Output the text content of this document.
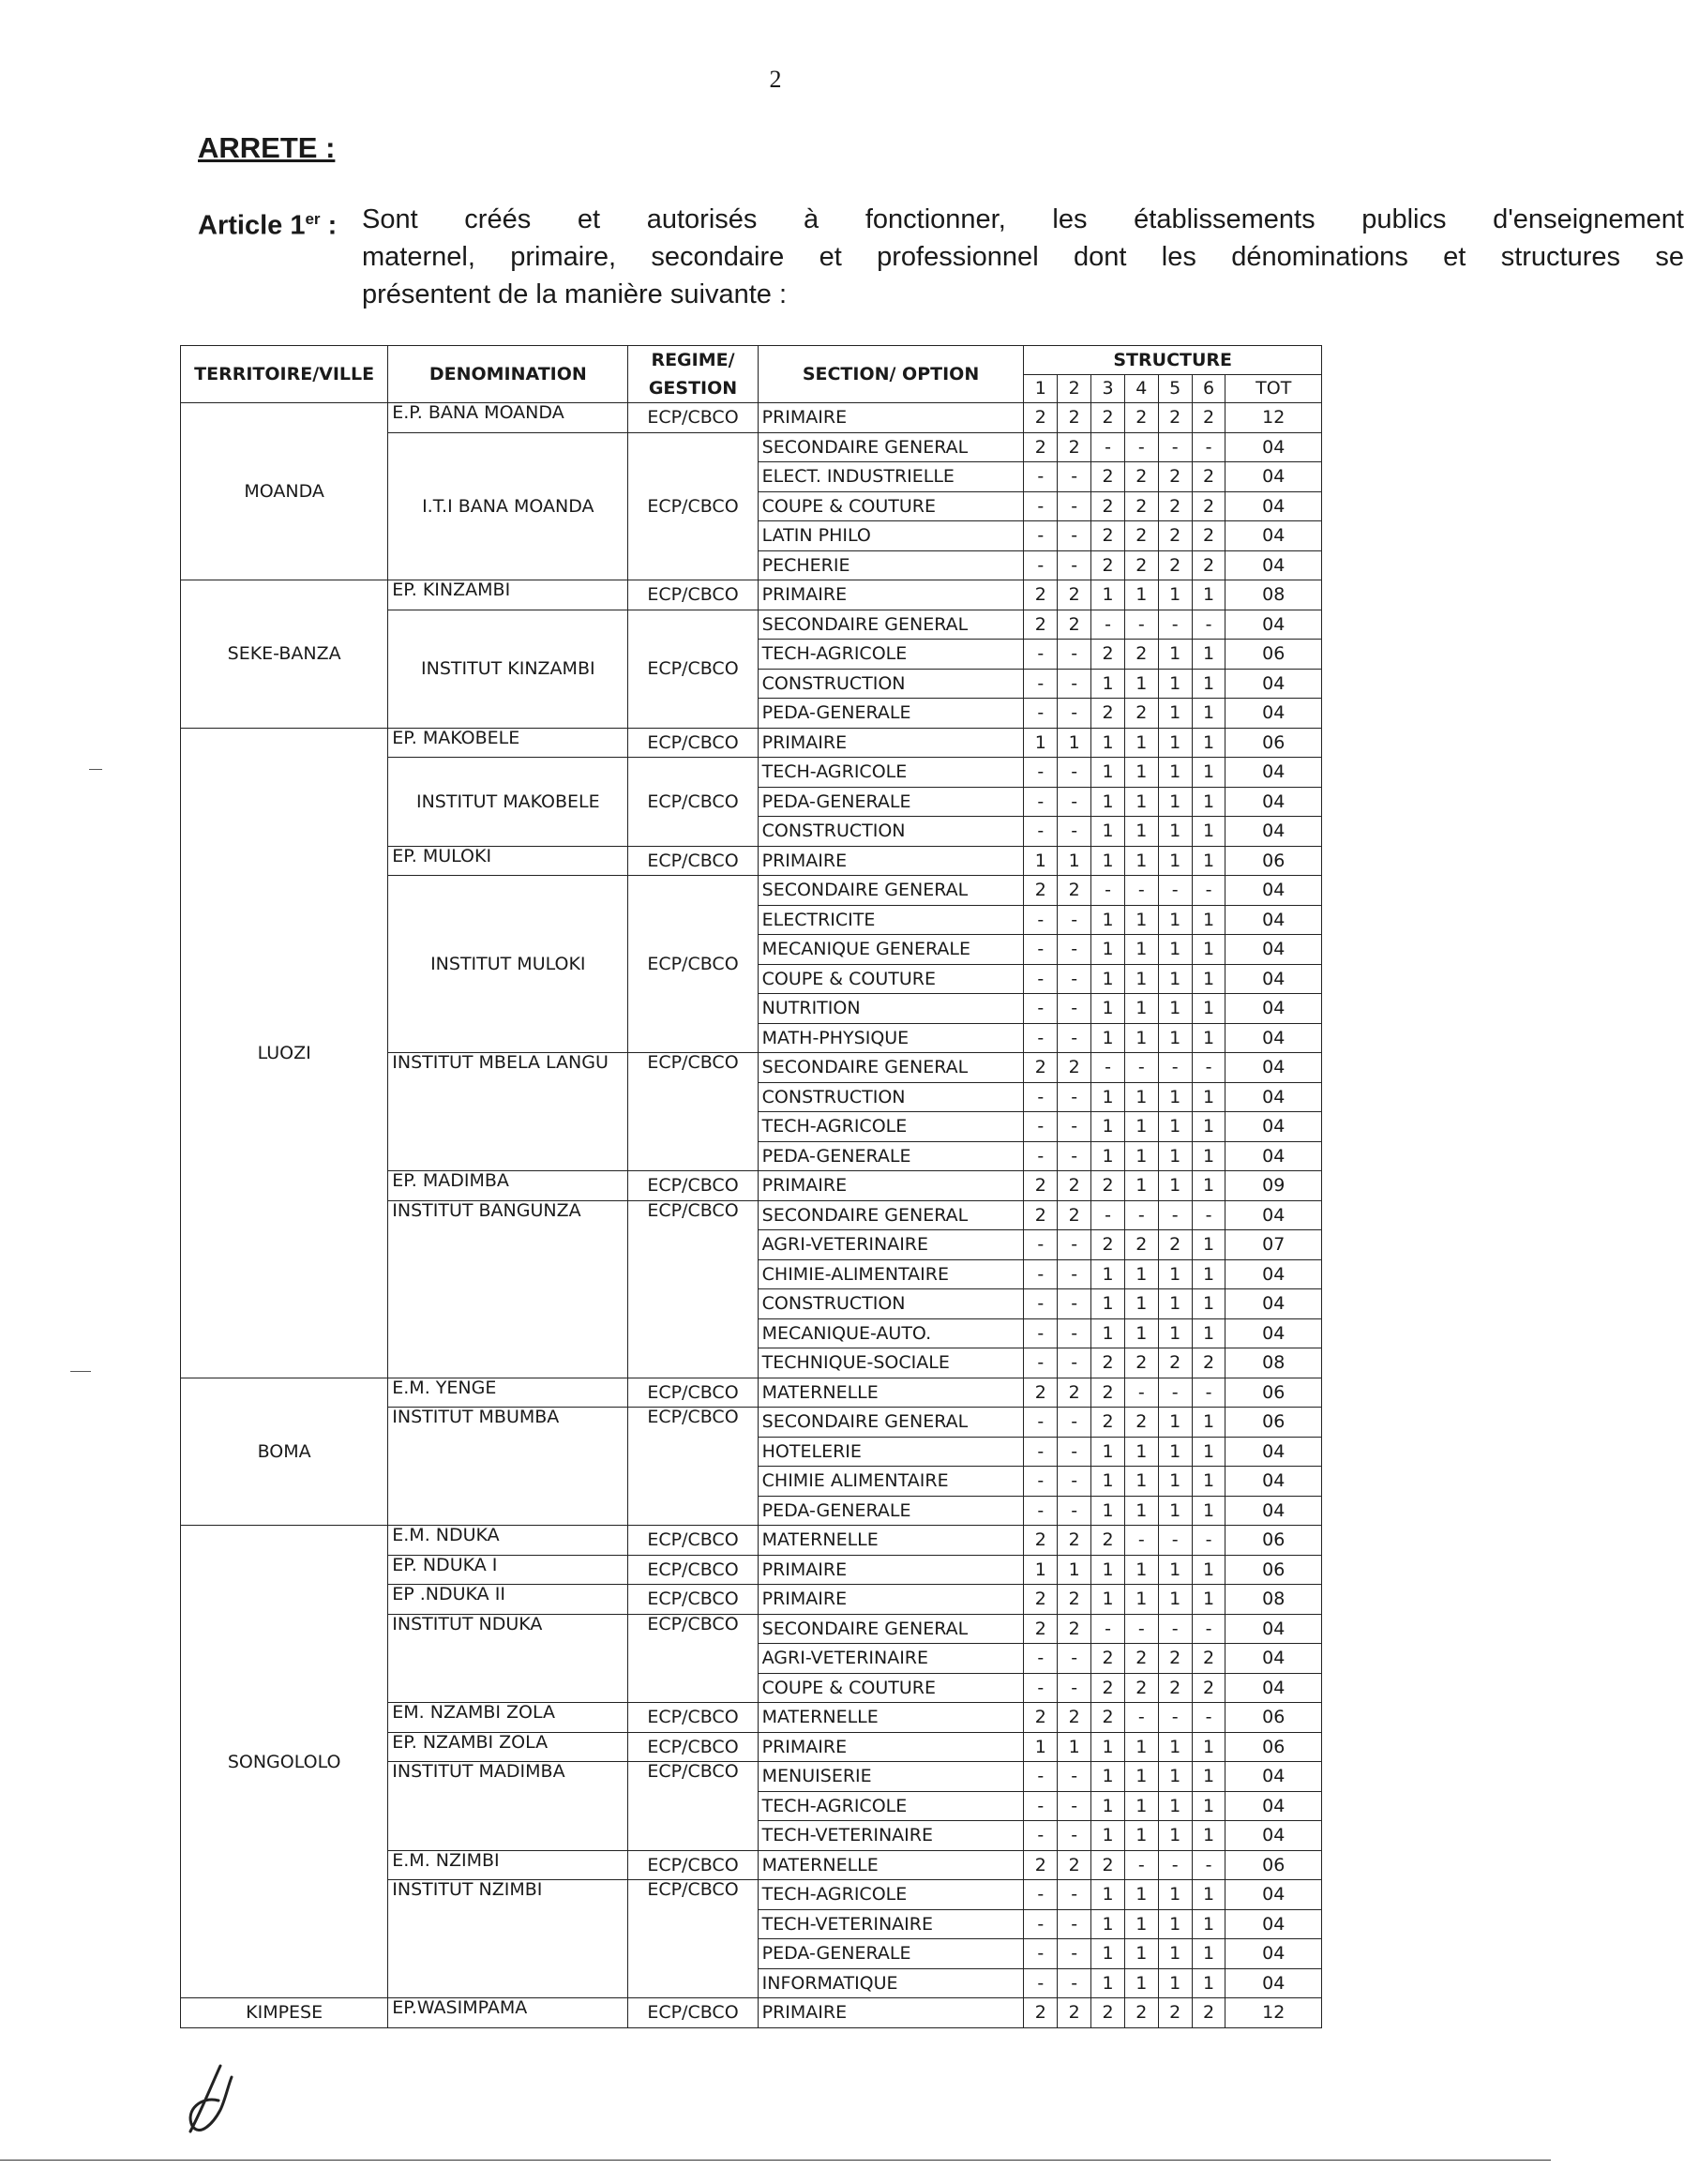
2
ARRETE :
Article 1er : Sont créés et autorisés à fonctionner, les établissements publics d'enseignement
maternel, primaire, secondaire et professionnel dont les dénominations et structures se
présentent de la manière suivante :
TERRITOIRE/VILLE	DENOMINATION	REGIME/ GESTION	SECTION/ OPTION	STRUCTURE						
				1	2	3	4	5	6	TOT
MOANDA	E.P. BANA MOANDA	ECP/CBCO	PRIMAIRE	2	2	2	2	2	2	12
	I.T.I BANA MOANDA	ECP/CBCO	SECONDAIRE GENERAL	2	2	-	-	-	-	04
			ELECT. INDUSTRIELLE	-	-	2	2	2	2	04
			COUPE & COUTURE	-	-	2	2	2	2	04
			LATIN PHILO	-	-	2	2	2	2	04
			PECHERIE	-	-	2	2	2	2	04
SEKE-BANZA	EP. KINZAMBI	ECP/CBCO	PRIMAIRE	2	2	1	1	1	1	08
	INSTITUT KINZAMBI	ECP/CBCO	SECONDAIRE GENERAL	2	2	-	-	-	-	04
			TECH-AGRICOLE	-	-	2	2	1	1	06
			CONSTRUCTION	-	-	1	1	1	1	04
			PEDA-GENERALE	-	-	2	2	1	1	04
LUOZI	EP. MAKOBELE	ECP/CBCO	PRIMAIRE	1	1	1	1	1	1	06
	INSTITUT MAKOBELE	ECP/CBCO	TECH-AGRICOLE	-	-	1	1	1	1	04
			PEDA-GENERALE	-	-	1	1	1	1	04
			CONSTRUCTION	-	-	1	1	1	1	04
	EP. MULOKI	ECP/CBCO	PRIMAIRE	1	1	1	1	1	1	06
	INSTITUT MULOKI	ECP/CBCO	SECONDAIRE GENERAL	2	2	-	-	-	-	04
			ELECTRICITE	-	-	1	1	1	1	04
			MECANIQUE GENERALE	-	-	1	1	1	1	04
			COUPE & COUTURE	-	-	1	1	1	1	04
			NUTRITION	-	-	1	1	1	1	04
			MATH-PHYSIQUE	-	-	1	1	1	1	04
	INSTITUT MBELA LANGU	ECP/CBCO	SECONDAIRE GENERAL	2	2	-	-	-	-	04
			CONSTRUCTION	-	-	1	1	1	1	04
			TECH-AGRICOLE	-	-	1	1	1	1	04
			PEDA-GENERALE	-	-	1	1	1	1	04
	EP. MADIMBA	ECP/CBCO	PRIMAIRE	2	2	2	1	1	1	09
	INSTITUT BANGUNZA	ECP/CBCO	SECONDAIRE GENERAL	2	2	-	-	-	-	04
			AGRI-VETERINAIRE	-	-	2	2	2	1	07
			CHIMIE-ALIMENTAIRE	-	-	1	1	1	1	04
			CONSTRUCTION	-	-	1	1	1	1	04
			MECANIQUE-AUTO.	-	-	1	1	1	1	04
			TECHNIQUE-SOCIALE	-	-	2	2	2	2	08
BOMA	E.M. YENGE	ECP/CBCO	MATERNELLE	2	2	2	-	-	-	06
	INSTITUT MBUMBA	ECP/CBCO	SECONDAIRE GENERAL	-	-	2	2	1	1	06
			HOTELERIE	-	-	1	1	1	1	04
			CHIMIE ALIMENTAIRE	-	-	1	1	1	1	04
			PEDA-GENERALE	-	-	1	1	1	1	04
SONGOLOLO	E.M. NDUKA	ECP/CBCO	MATERNELLE	2	2	2	-	-	-	06
	EP. NDUKA I	ECP/CBCO	PRIMAIRE	1	1	1	1	1	1	06
	EP .NDUKA II	ECP/CBCO	PRIMAIRE	2	2	1	1	1	1	08
	INSTITUT NDUKA	ECP/CBCO	SECONDAIRE GENERAL	2	2	-	-	-	-	04
			AGRI-VETERINAIRE	-	-	2	2	2	2	04
			COUPE & COUTURE	-	-	2	2	2	2	04
	EM. NZAMBI ZOLA	ECP/CBCO	MATERNELLE	2	2	2	-	-	-	06
	EP. NZAMBI ZOLA	ECP/CBCO	PRIMAIRE	1	1	1	1	1	1	06
	INSTITUT MADIMBA	ECP/CBCO	MENUISERIE	-	-	1	1	1	1	04
			TECH-AGRICOLE	-	-	1	1	1	1	04
			TECH-VETERINAIRE	-	-	1	1	1	1	04
	E.M. NZIMBI	ECP/CBCO	MATERNELLE	2	2	2	-	-	-	06
	INSTITUT NZIMBI	ECP/CBCO	TECH-AGRICOLE	-	-	1	1	1	1	04
			TECH-VETERINAIRE	-	-	1	1	1	1	04
			PEDA-GENERALE	-	-	1	1	1	1	04
			INFORMATIQUE	-	-	1	1	1	1	04
KIMPESE	EP.WASIMPAMA	ECP/CBCO	PRIMAIRE	2	2	2	2	2	2	12
